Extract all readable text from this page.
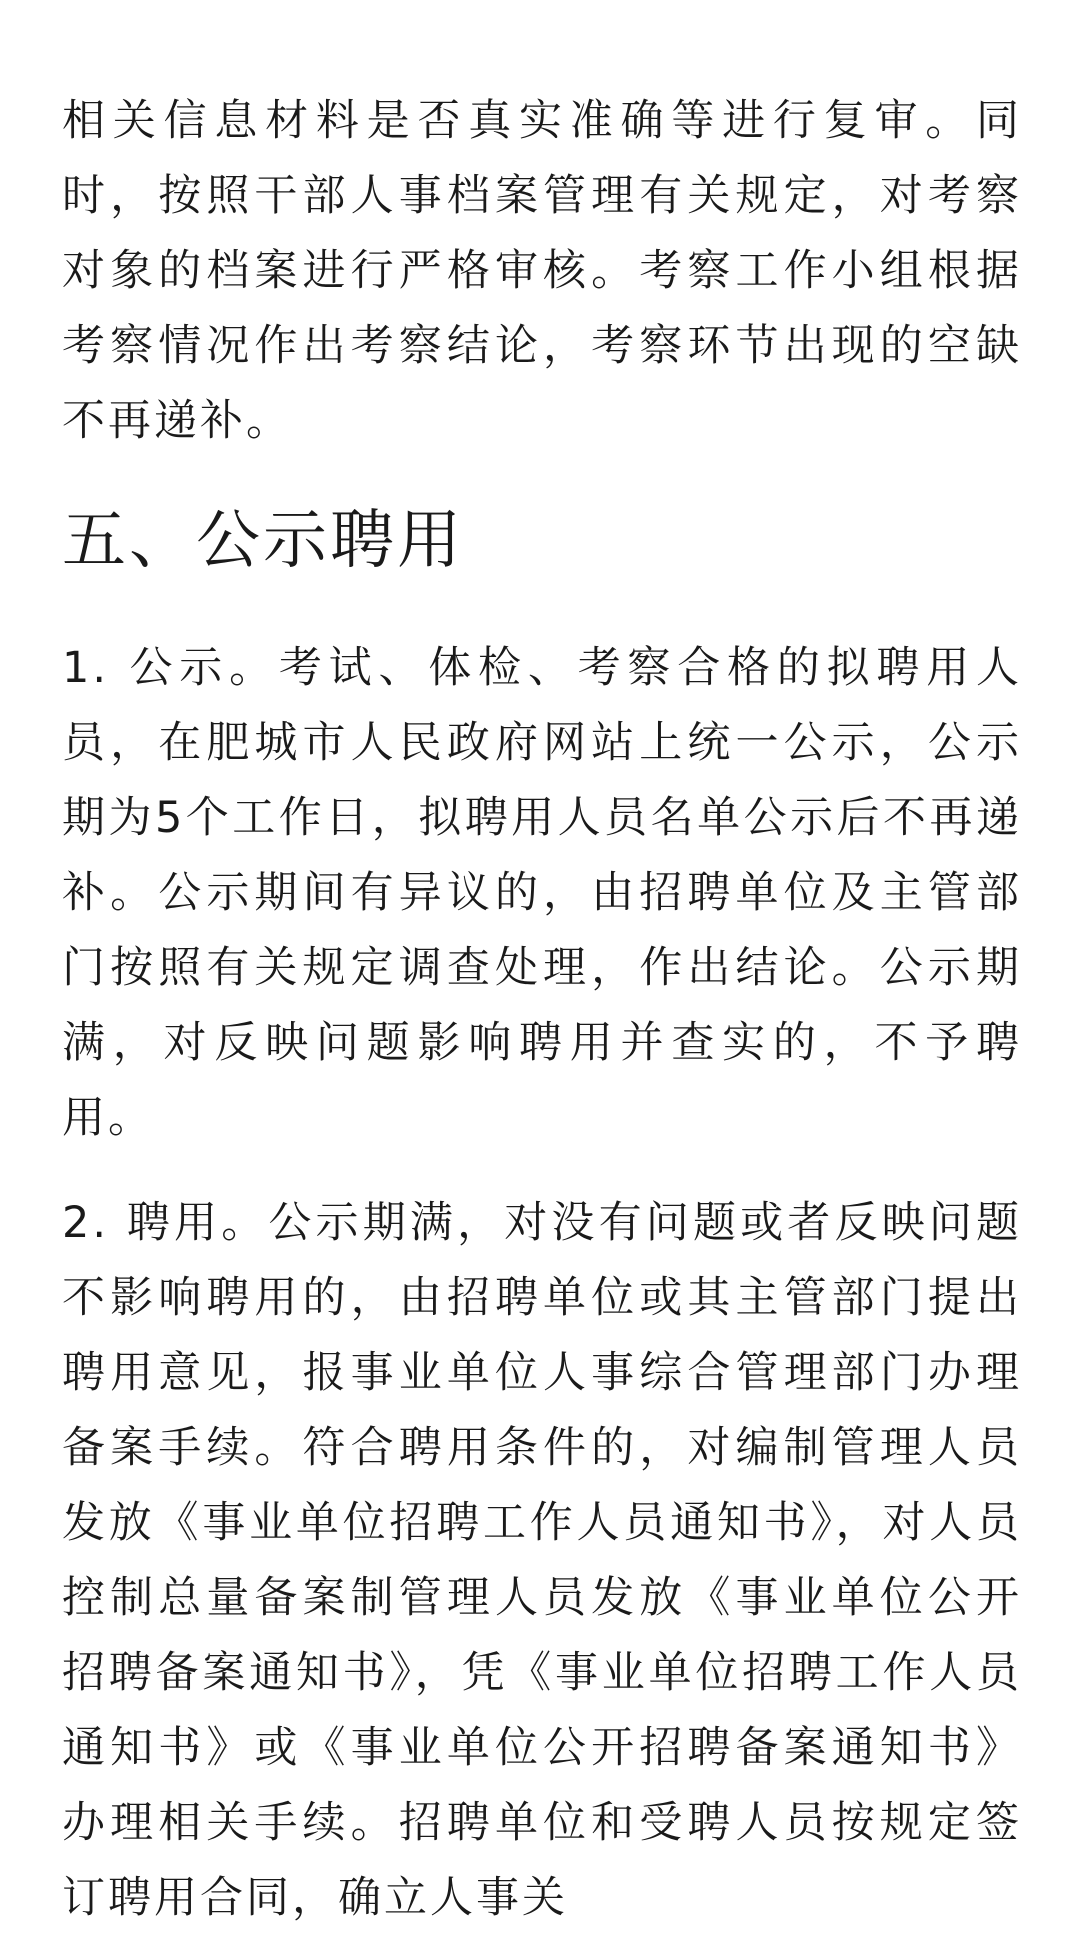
相关信息材料是否真实准确等进行复审。同时，按照干部人事档案管理有关规定，对考察对象的档案进行严格审核。考察工作小组根据考察情况作出考察结论，考察环节出现的空缺不再递补。

五、公示聘用

1. 公示。考试、体检、考察合格的拟聘用人员，在肥城市人民政府网站上统一公示，公示期为5个工作日，拟聘用人员名单公示后不再递补。公示期间有异议的，由招聘单位及主管部门按照有关规定调查处理，作出结论。公示期满，对反映问题影响聘用并查实的，不予聘用。

2. 聘用。公示期满，对没有问题或者反映问题不影响聘用的，由招聘单位或其主管部门提出聘用意见，报事业单位人事综合管理部门办理备案手续。符合聘用条件的，对编制管理人员发放《事业单位招聘工作人员通知书》，对人员控制总量备案制管理人员发放《事业单位公开招聘备案通知书》，凭《事业单位招聘工作人员通知书》或《事业单位公开招聘备案通知书》办理相关手续。招聘单位和受聘人员按规定签订聘用合同，确立人事关
